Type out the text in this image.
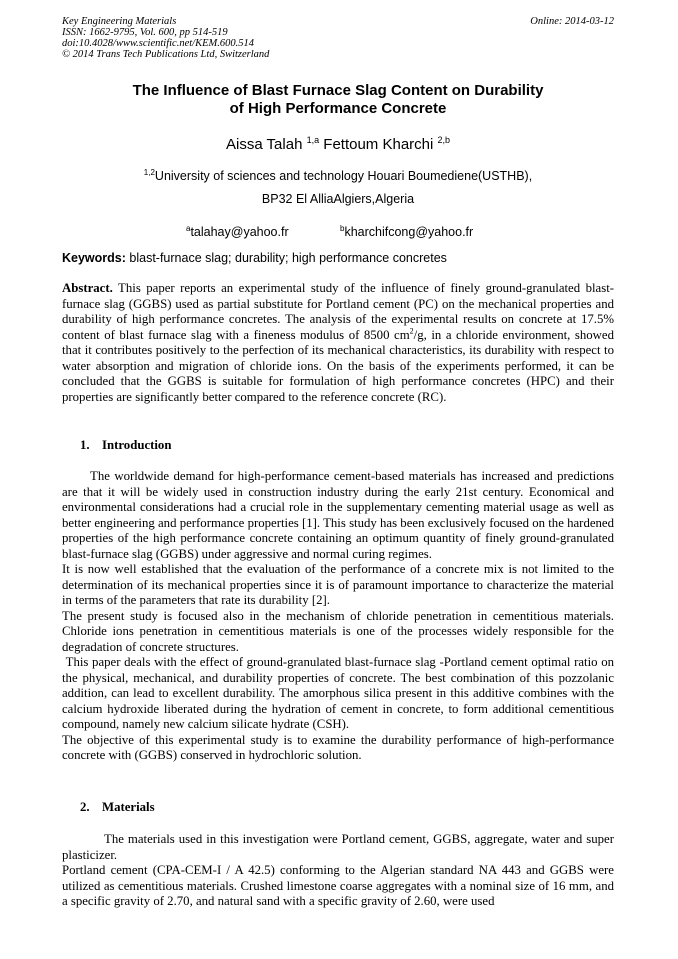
Key Engineering Materials
ISSN: 1662-9795, Vol. 600, pp 514-519
doi:10.4028/www.scientific.net/KEM.600.514
© 2014 Trans Tech Publications Ltd, Switzerland
Online: 2014-03-12
The Influence of Blast Furnace Slag Content on Durability
of High Performance Concrete
Aissa Talah $^{1,a}$ Fettoum Kharchi $^{2,b}$
$^{1,2}$University of sciences and technology Houari Boumediene(USTHB),
BP32 El AlliaAlgiers,Algeria
$^a$talahay@yahoo.fr	$^b$kharchifcong@yahoo.fr
Keywords: blast-furnace slag; durability; high performance concretes
Abstract. This paper reports an experimental study of the influence of finely ground-granulated blast-furnace slag (GGBS) used as partial substitute for Portland cement (PC) on the mechanical properties and durability of high performance concretes. The analysis of the experimental results on concrete at 17.5% content of blast furnace slag with a fineness modulus of 8500 $cm^2/g$, in a chloride environment, showed that it contributes positively to the perfection of its mechanical characteristics, its durability with respect to water absorption and migration of chloride ions. On the basis of the experiments performed, it can be concluded that the GGBS is suitable for formulation of high performance concretes (HPC) and their properties are significantly better compared to the reference concrete (RC).
1. Introduction
The worldwide demand for high-performance cement-based materials has increased and predictions are that it will be widely used in construction industry during the early 21st century. Economical and environmental considerations had a crucial role in the supplementary cementing material usage as well as better engineering and performance properties [1]. This study has been exclusively focused on the hardened properties of the high performance concrete containing an optimum quantity of finely ground-granulated blast-furnace slag (GGBS) under aggressive and normal curing regimes.
It is now well established that the evaluation of the performance of a concrete mix is not limited to the determination of its mechanical properties since it is of paramount importance to characterize the material in terms of the parameters that rate its durability [2].
The present study is focused also in the mechanism of chloride penetration in cementitious materials. Chloride ions penetration in cementitious materials is one of the processes widely responsible for the degradation of concrete structures.
This paper deals with the effect of ground-granulated blast-furnace slag -Portland cement optimal ratio on the physical, mechanical, and durability properties of concrete. The best combination of this pozzolanic addition, can lead to excellent durability. The amorphous silica present in this additive combines with the calcium hydroxide liberated during the hydration of cement in concrete, to form additional cementitious compound, namely new calcium silicate hydrate (CSH).
The objective of this experimental study is to examine the durability performance of high-performance concrete with (GGBS) conserved in hydrochloric solution.
2. Materials
The materials used in this investigation were Portland cement, GGBS, aggregate, water and super plasticizer.
Portland cement (CPA-CEM-I / A 42.5) conforming to the Algerian standard NA 443 and GGBS were utilized as cementitious materials. Crushed limestone coarse aggregates with a nominal size of 16 mm, and a specific gravity of 2.70, and natural sand with a specific gravity of 2.60, were used
